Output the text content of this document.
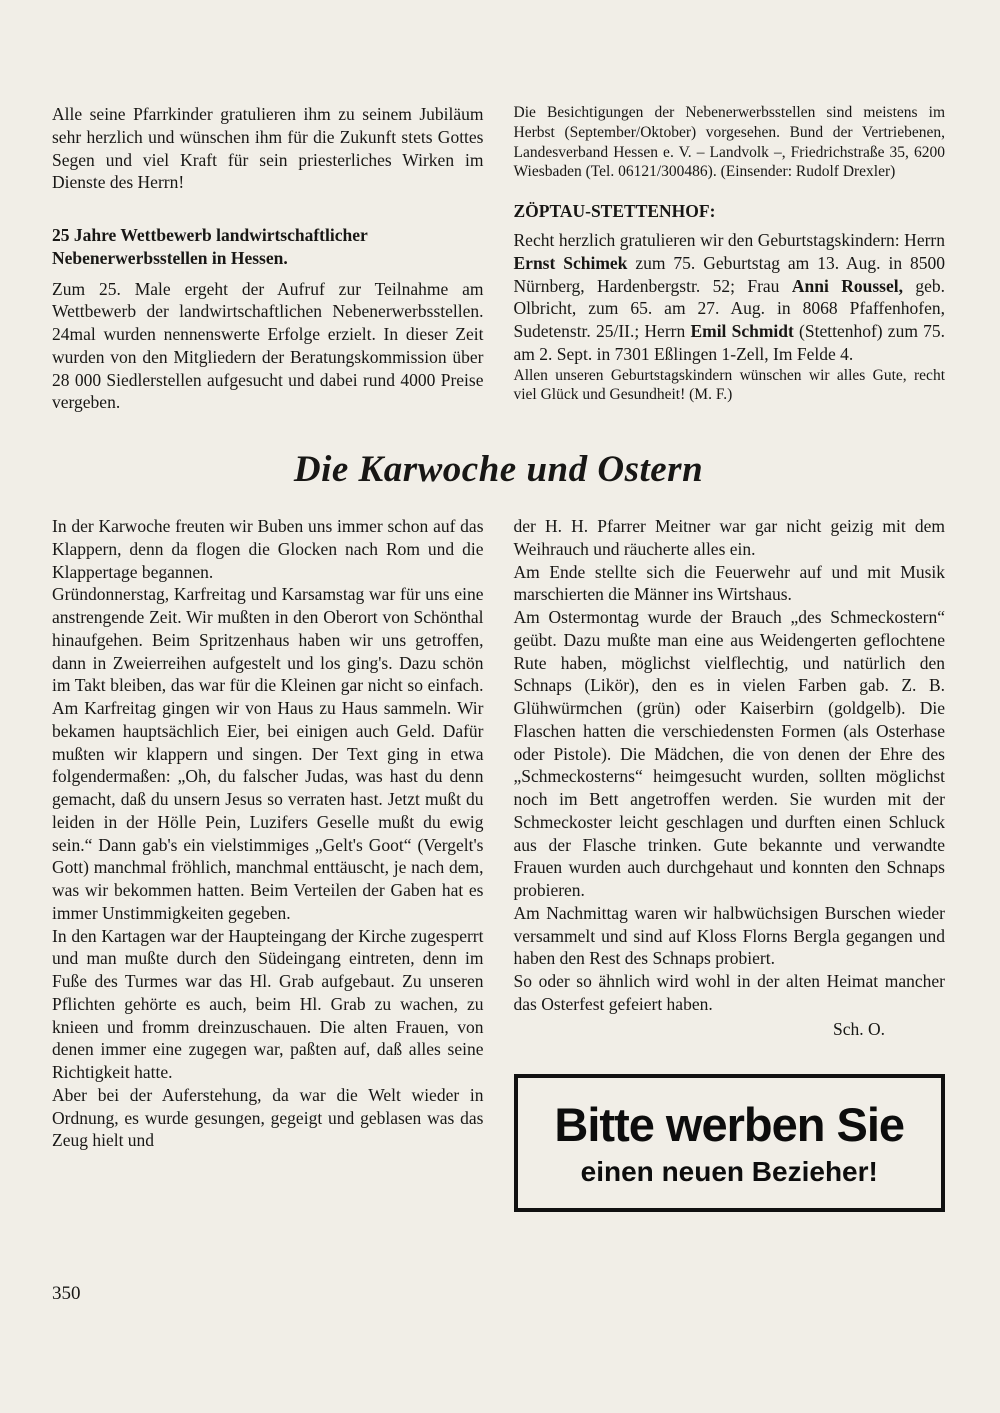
Alle seine Pfarrkinder gratulieren ihm zu seinem Jubiläum sehr herzlich und wünschen ihm für die Zukunft stets Gottes Segen und viel Kraft für sein priesterliches Wirken im Dienste des Herrn!

25 Jahre Wettbewerb landwirtschaftlicher Nebenerwerbsstellen in Hessen.

Zum 25. Male ergeht der Aufruf zur Teilnahme am Wettbewerb der landwirtschaftlichen Nebenerwerbsstellen. 24mal wurden nennenswerte Erfolge erzielt. In dieser Zeit wurden von den Mitgliedern der Beratungskommission über 28 000 Siedlerstellen aufgesucht und dabei rund 4000 Preise vergeben.

Die Besichtigungen der Nebenerwerbsstellen sind meistens im Herbst (September/Oktober) vorgesehen. Bund der Vertriebenen, Landesverband Hessen e. V. – Landvolk –, Friedrichstraße 35, 6200 Wiesbaden (Tel. 06121/300486). (Einsender: Rudolf Drexler)

ZÖPTAU-STETTENHOF:

Recht herzlich gratulieren wir den Geburtstagskindern: Herrn Ernst Schimek zum 75. Geburtstag am 13. Aug. in 8500 Nürnberg, Hardenbergstr. 52; Frau Anni Roussel, geb. Olbricht, zum 65. am 27. Aug. in 8068 Pfaffenhofen, Sudetenstr. 25/II.; Herrn Emil Schmidt (Stettenhof) zum 75. am 2. Sept. in 7301 Eßlingen 1-Zell, Im Felde 4.

Allen unseren Geburtstagskindern wünschen wir alles Gute, recht viel Glück und Gesundheit! (M. F.)

Die Karwoche und Ostern

In der Karwoche freuten wir Buben uns immer schon auf das Klappern, denn da flogen die Glocken nach Rom und die Klappertage begannen.

Gründonnerstag, Karfreitag und Karsamstag war für uns eine anstrengende Zeit. Wir mußten in den Oberort von Schönthal hinaufgehen. Beim Spritzenhaus haben wir uns getroffen, dann in Zweierreihen aufgestelt und los ging's. Dazu schön im Takt bleiben, das war für die Kleinen gar nicht so einfach. Am Karfreitag gingen wir von Haus zu Haus sammeln. Wir bekamen hauptsächlich Eier, bei einigen auch Geld. Dafür mußten wir klappern und singen. Der Text ging in etwa folgendermaßen: „Oh, du falscher Judas, was hast du denn gemacht, daß du unsern Jesus so verraten hast. Jetzt mußt du leiden in der Hölle Pein, Luzifers Geselle mußt du ewig sein.“ Dann gab's ein vielstimmiges „Gelt's Goot“ (Vergelt's Gott) manchmal fröhlich, manchmal enttäuscht, je nach dem, was wir bekommen hatten. Beim Verteilen der Gaben hat es immer Unstimmigkeiten gegeben.

In den Kartagen war der Haupteingang der Kirche zugesperrt und man mußte durch den Südeingang eintreten, denn im Fuße des Turmes war das Hl. Grab aufgebaut. Zu unseren Pflichten gehörte es auch, beim Hl. Grab zu wachen, zu knieen und fromm dreinzuschauen. Die alten Frauen, von denen immer eine zugegen war, paßten auf, daß alles seine Richtigkeit hatte.

Aber bei der Auferstehung, da war die Welt wieder in Ordnung, es wurde gesungen, gegeigt und geblasen was das Zeug hielt und

der H. H. Pfarrer Meitner war gar nicht geizig mit dem Weihrauch und räucherte alles ein.

Am Ende stellte sich die Feuerwehr auf und mit Musik marschierten die Männer ins Wirtshaus.

Am Ostermontag wurde der Brauch „des Schmeckostern“ geübt. Dazu mußte man eine aus Weidengerten geflochtene Rute haben, möglichst vielflechtig, und natürlich den Schnaps (Likör), den es in vielen Farben gab. Z. B. Glühwürmchen (grün) oder Kaiserbirn (goldgelb). Die Flaschen hatten die verschiedensten Formen (als Osterhase oder Pistole). Die Mädchen, die von denen der Ehre des „Schmeckosterns“ heimgesucht wurden, sollten möglichst noch im Bett angetroffen werden. Sie wurden mit der Schmeckoster leicht geschlagen und durften einen Schluck aus der Flasche trinken. Gute bekannte und verwandte Frauen wurden auch durchgehaut und konnten den Schnaps probieren.

Am Nachmittag waren wir halbwüchsigen Burschen wieder versammelt und sind auf Kloss Florns Bergla gegangen und haben den Rest des Schnaps probiert.

So oder so ähnlich wird wohl in der alten Heimat mancher das Osterfest gefeiert haben.

Sch. O.

Bitte werben Sie
einen neuen Bezieher!
350
